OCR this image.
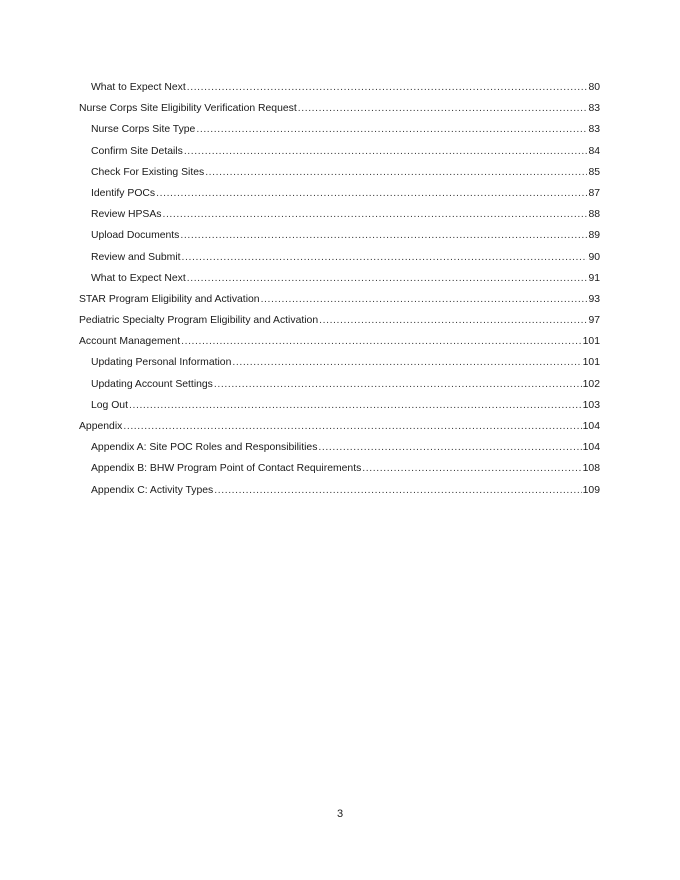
What to Expect Next .....	80
Nurse Corps Site Eligibility Verification Request .....	83
Nurse Corps Site Type .....	83
Confirm Site Details .....	84
Check For Existing Sites .....	85
Identify POCs .....	87
Review HPSAs .....	88
Upload Documents .....	89
Review and Submit .....	90
What to Expect Next .....	91
STAR Program Eligibility and Activation .....	93
Pediatric Specialty Program Eligibility and Activation .....	97
Account Management .....	101
Updating Personal Information .....	101
Updating Account Settings .....	102
Log Out .....	103
Appendix .....	104
Appendix A: Site POC Roles and Responsibilities .....	104
Appendix B: BHW Program Point of Contact Requirements .....	108
Appendix C: Activity Types .....	109
3
